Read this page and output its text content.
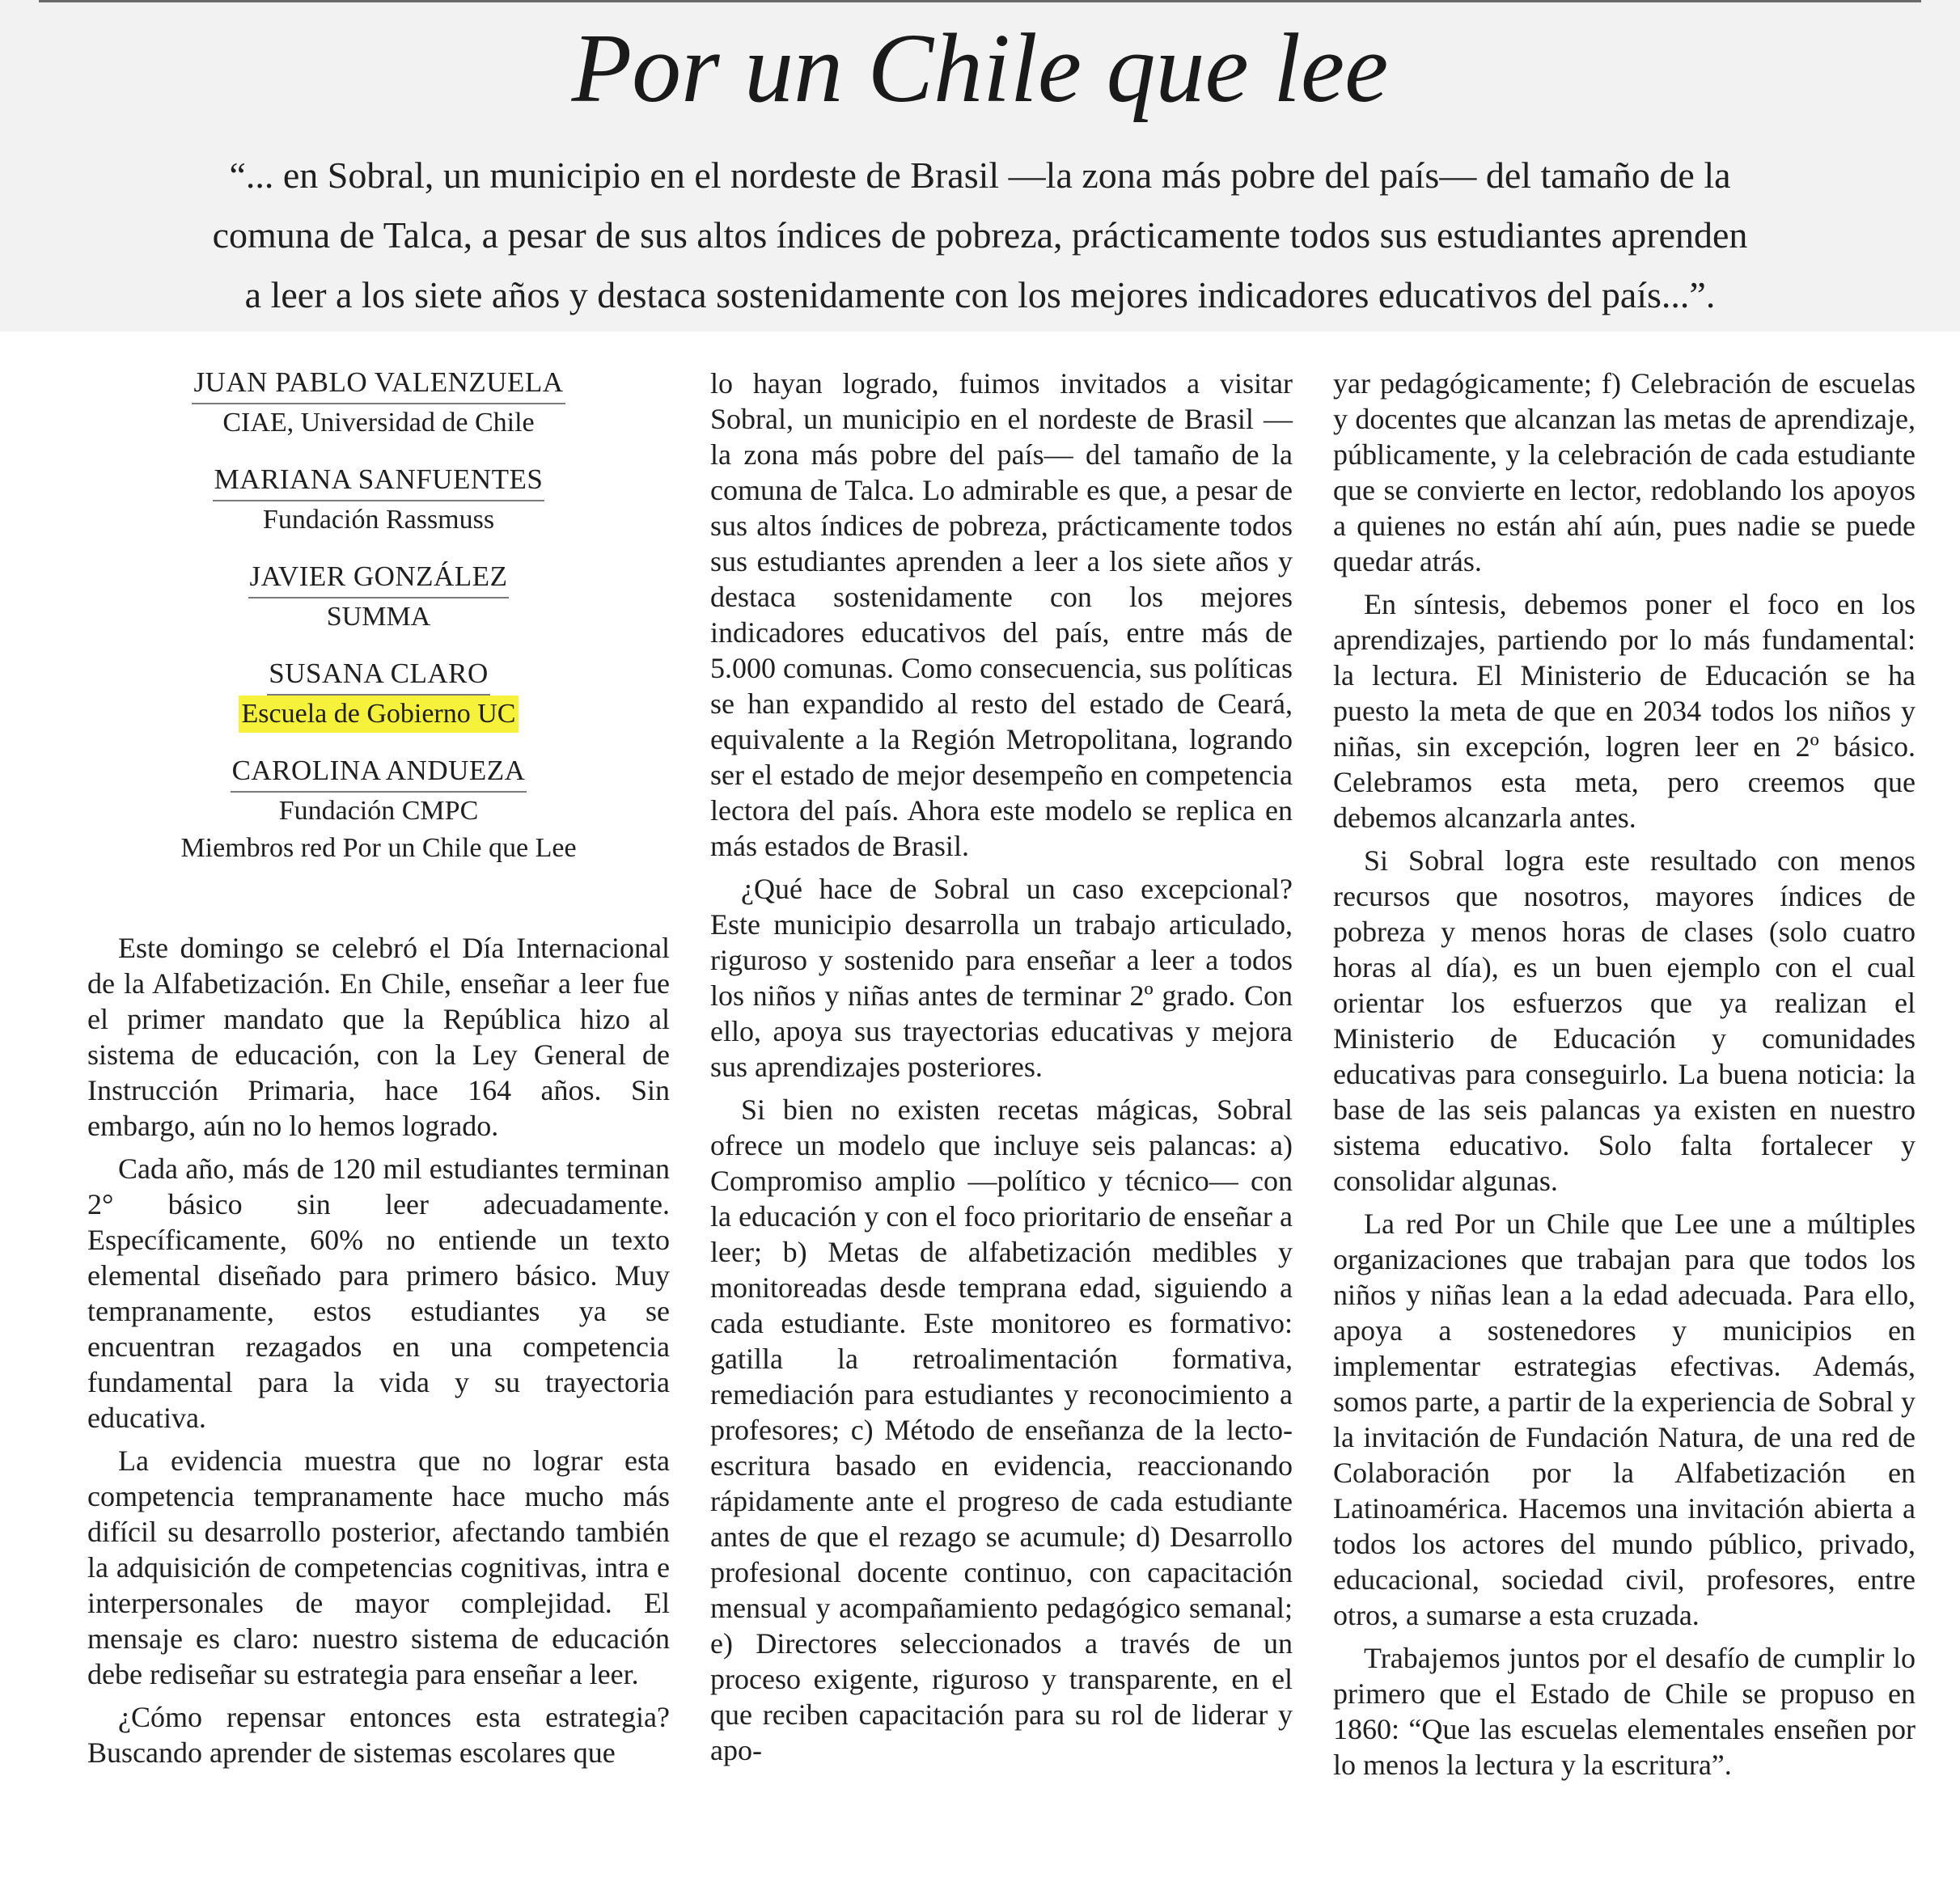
Por un Chile que lee
“... en Sobral, un municipio en el nordeste de Brasil —la zona más pobre del país— del tamaño de la
comuna de Talca, a pesar de sus altos índices de pobreza, prácticamente todos sus estudiantes aprenden
a leer a los siete años y destaca sostenidamente con los mejores indicadores educativos del país...”.
JUAN PABLO VALENZUELA
CIAE, Universidad de Chile
MARIANA SANFUENTES
Fundación Rassmuss
JAVIER GONZÁLEZ
SUMMA
SUSANA CLARO
Escuela de Gobierno UC
CAROLINA ANDUEZA
Fundación CMPC
Miembros red Por un Chile que Lee

Este domingo se celebró el Día Internacional de la Alfabetización. En Chile, enseñar a leer fue el primer mandato que la República hizo al sistema de educación, con la Ley General de Instrucción Primaria, hace 164 años. Sin embargo, aún no lo hemos logrado.

Cada año, más de 120 mil estudiantes terminan 2° básico sin leer adecuadamente. Específicamente, 60% no entiende un texto elemental diseñado para primero básico. Muy tempranamente, estos estudiantes ya se encuentran rezagados en una competencia fundamental para la vida y su trayectoria educativa.

La evidencia muestra que no lograr esta competencia tempranamente hace mucho más difícil su desarrollo posterior, afectando también la adquisición de competencias cognitivas, intra e interpersonales de mayor complejidad. El mensaje es claro: nuestro sistema de educación debe rediseñar su estrategia para enseñar a leer.

¿Cómo repensar entonces esta estrategia? Buscando aprender de sistemas escolares que

lo hayan logrado, fuimos invitados a visitar Sobral, un municipio en el nordeste de Brasil —la zona más pobre del país— del tamaño de la comuna de Talca. Lo admirable es que, a pesar de sus altos índices de pobreza, prácticamente todos sus estudiantes aprenden a leer a los siete años y destaca sostenidamente con los mejores indicadores educativos del país, entre más de 5.000 comunas. Como consecuencia, sus políticas se han expandido al resto del estado de Ceará, equivalente a la Región Metropolitana, logrando ser el estado de mejor desempeño en competencia lectora del país. Ahora este modelo se replica en más estados de Brasil.

¿Qué hace de Sobral un caso excepcional? Este municipio desarrolla un trabajo articulado, riguroso y sostenido para enseñar a leer a todos los niños y niñas antes de terminar 2º grado. Con ello, apoya sus trayectorias educativas y mejora sus aprendizajes posteriores.

Si bien no existen recetas mágicas, Sobral ofrece un modelo que incluye seis palancas: a) Compromiso amplio —político y técnico— con la educación y con el foco prioritario de enseñar a leer; b) Metas de alfabetización medibles y monitoreadas desde temprana edad, siguiendo a cada estudiante. Este monitoreo es formativo: gatilla la retroalimentación formativa, remediación para estudiantes y reconocimiento a profesores; c) Método de enseñanza de la lecto-escritura basado en evidencia, reaccionando rápidamente ante el progreso de cada estudiante antes de que el rezago se acumule; d) Desarrollo profesional docente continuo, con capacitación mensual y acompañamiento pedagógico semanal; e) Directores seleccionados a través de un proceso exigente, riguroso y transparente, en el que reciben capacitación para su rol de liderar y apo-

yar pedagógicamente; f) Celebración de escuelas y docentes que alcanzan las metas de aprendizaje, públicamente, y la celebración de cada estudiante que se convierte en lector, redoblando los apoyos a quienes no están ahí aún, pues nadie se puede quedar atrás.

En síntesis, debemos poner el foco en los aprendizajes, partiendo por lo más fundamental: la lectura. El Ministerio de Educación se ha puesto la meta de que en 2034 todos los niños y niñas, sin excepción, logren leer en 2º básico. Celebramos esta meta, pero creemos que debemos alcanzarla antes.

Si Sobral logra este resultado con menos recursos que nosotros, mayores índices de pobreza y menos horas de clases (solo cuatro horas al día), es un buen ejemplo con el cual orientar los esfuerzos que ya realizan el Ministerio de Educación y comunidades educativas para conseguirlo. La buena noticia: la base de las seis palancas ya existen en nuestro sistema educativo. Solo falta fortalecer y consolidar algunas.

La red Por un Chile que Lee une a múltiples organizaciones que trabajan para que todos los niños y niñas lean a la edad adecuada. Para ello, apoya a sostenedores y municipios en implementar estrategias efectivas. Además, somos parte, a partir de la experiencia de Sobral y la invitación de Fundación Natura, de una red de Colaboración por la Alfabetización en Latinoamérica. Hacemos una invitación abierta a todos los actores del mundo público, privado, educacional, sociedad civil, profesores, entre otros, a sumarse a esta cruzada.

Trabajemos juntos por el desafío de cumplir lo primero que el Estado de Chile se propuso en 1860: “Que las escuelas elementales enseñen por lo menos la lectura y la escritura”.
